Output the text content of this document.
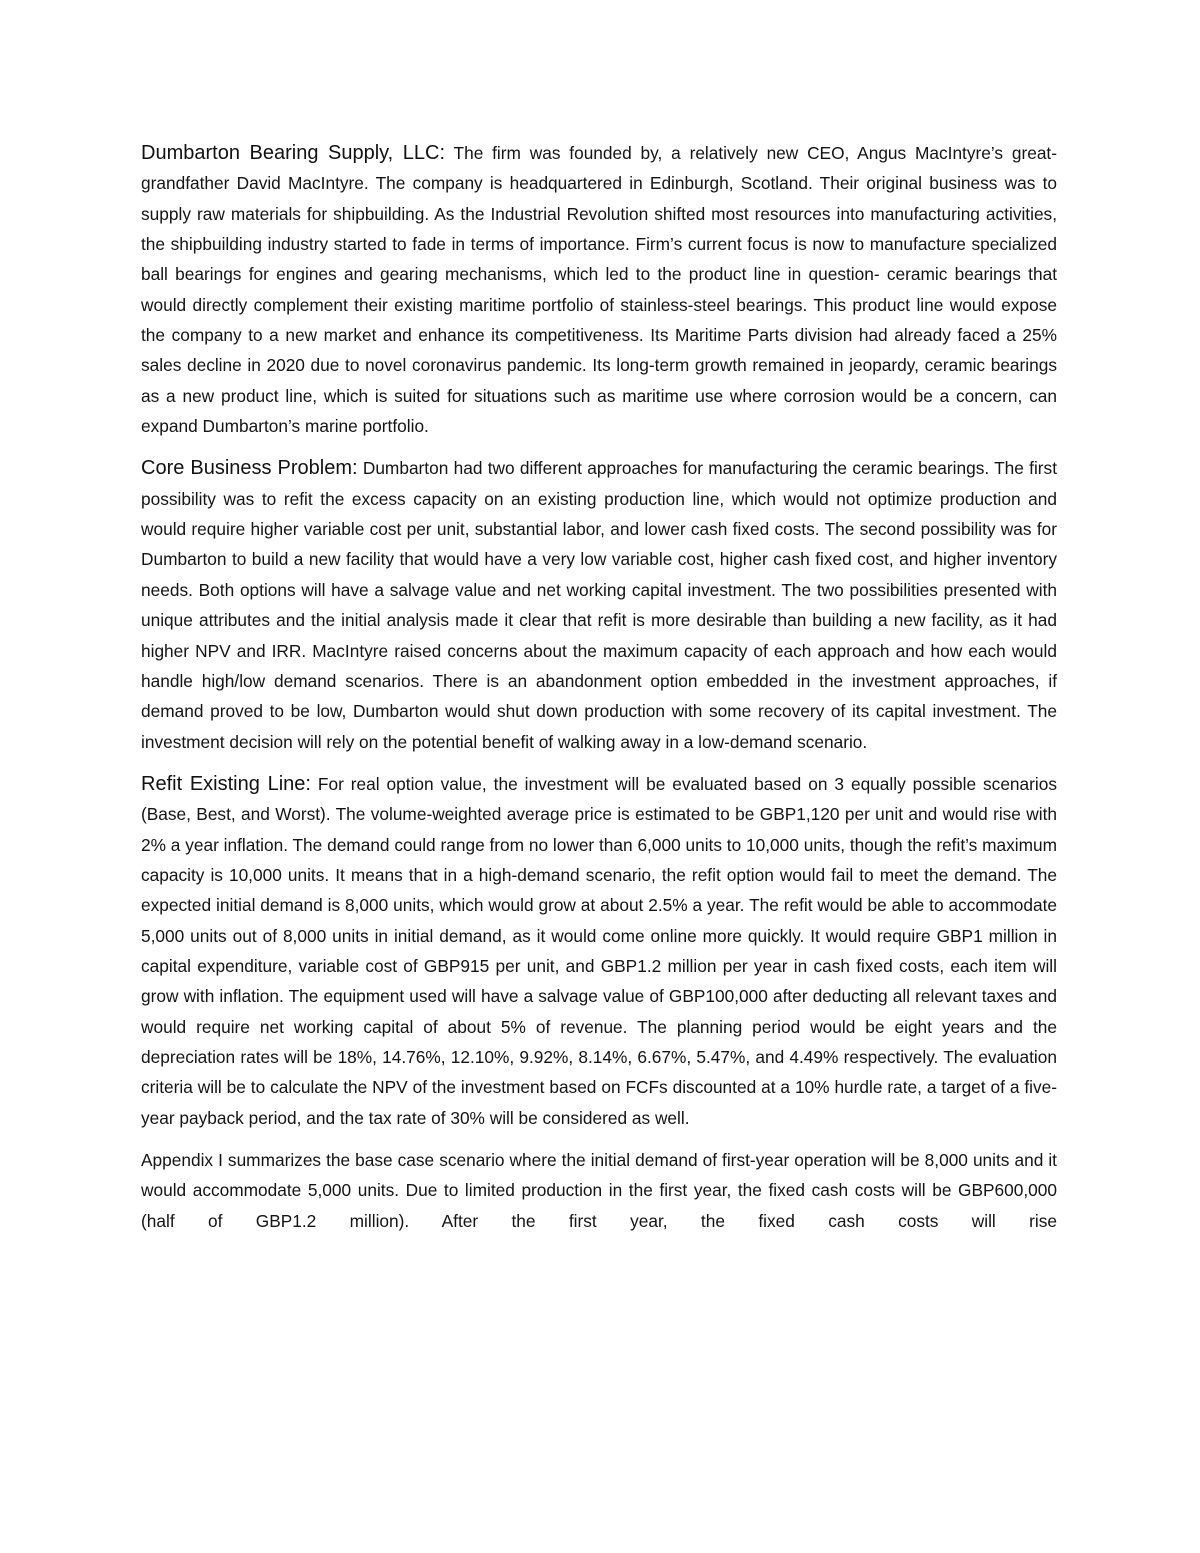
Dumbarton Bearing Supply, LLC: The firm was founded by, a relatively new CEO, Angus MacIntyre’s great-grandfather David MacIntyre. The company is headquartered in Edinburgh, Scotland. Their original business was to supply raw materials for shipbuilding. As the Industrial Revolution shifted most resources into manufacturing activities, the shipbuilding industry started to fade in terms of importance. Firm’s current focus is now to manufacture specialized ball bearings for engines and gearing mechanisms, which led to the product line in question- ceramic bearings that would directly complement their existing maritime portfolio of stainless-steel bearings. This product line would expose the company to a new market and enhance its competitiveness. Its Maritime Parts division had already faced a 25% sales decline in 2020 due to novel coronavirus pandemic. Its long-term growth remained in jeopardy, ceramic bearings as a new product line, which is suited for situations such as maritime use where corrosion would be a concern, can expand Dumbarton’s marine portfolio.

Core Business Problem: Dumbarton had two different approaches for manufacturing the ceramic bearings. The first possibility was to refit the excess capacity on an existing production line, which would not optimize production and would require higher variable cost per unit, substantial labor, and lower cash fixed costs. The second possibility was for Dumbarton to build a new facility that would have a very low variable cost, higher cash fixed cost, and higher inventory needs. Both options will have a salvage value and net working capital investment. The two possibilities presented with unique attributes and the initial analysis made it clear that refit is more desirable than building a new facility, as it had higher NPV and IRR. MacIntyre raised concerns about the maximum capacity of each approach and how each would handle high/low demand scenarios. There is an abandonment option embedded in the investment approaches, if demand proved to be low, Dumbarton would shut down production with some recovery of its capital investment. The investment decision will rely on the potential benefit of walking away in a low-demand scenario.

Refit Existing Line: For real option value, the investment will be evaluated based on 3 equally possible scenarios (Base, Best, and Worst). The volume-weighted average price is estimated to be GBP1,120 per unit and would rise with 2% a year inflation. The demand could range from no lower than 6,000 units to 10,000 units, though the refit’s maximum capacity is 10,000 units. It means that in a high-demand scenario, the refit option would fail to meet the demand. The expected initial demand is 8,000 units, which would grow at about 2.5% a year. The refit would be able to accommodate 5,000 units out of 8,000 units in initial demand, as it would come online more quickly. It would require GBP1 million in capital expenditure, variable cost of GBP915 per unit, and GBP1.2 million per year in cash fixed costs, each item will grow with inflation. The equipment used will have a salvage value of GBP100,000 after deducting all relevant taxes and would require net working capital of about 5% of revenue. The planning period would be eight years and the depreciation rates will be 18%, 14.76%, 12.10%, 9.92%, 8.14%, 6.67%, 5.47%, and 4.49% respectively. The evaluation criteria will be to calculate the NPV of the investment based on FCFs discounted at a 10% hurdle rate, a target of a five-year payback period, and the tax rate of 30% will be considered as well.

Appendix I summarizes the base case scenario where the initial demand of first-year operation will be 8,000 units and it would accommodate 5,000 units. Due to limited production in the first year, the fixed cash costs will be GBP600,000 (half of GBP1.2 million). After the first year, the fixed cash costs will rise
